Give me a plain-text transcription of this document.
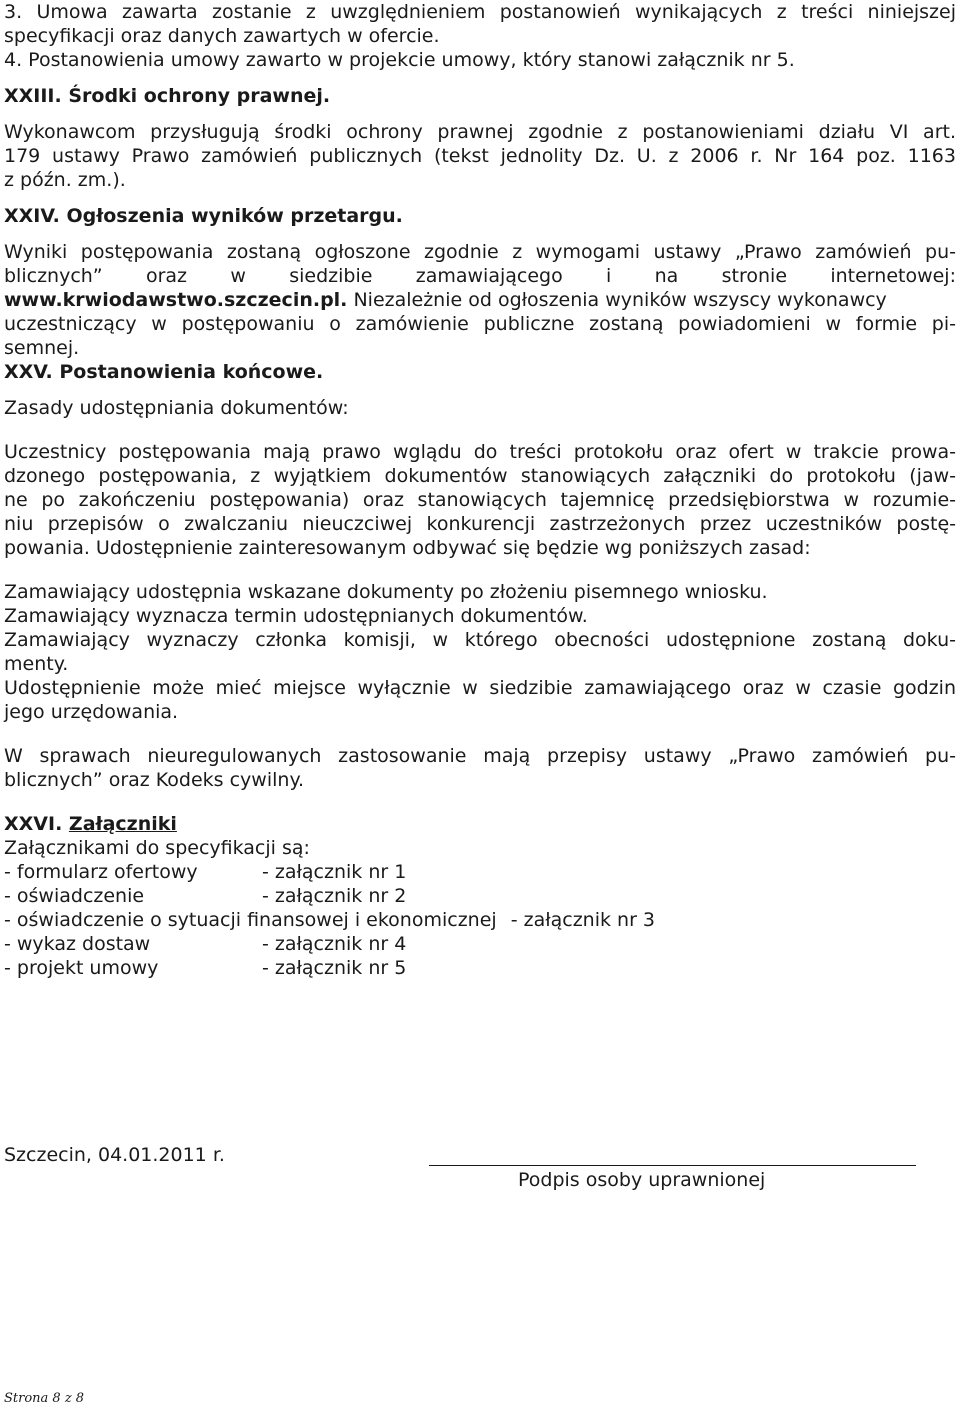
3. Umowa zawarta zostanie z uwzględnieniem postanowień wynikających z treści niniejszej
specyfikacji oraz danych zawartych w ofercie.
4. Postanowienia umowy zawarto w projekcie umowy, który stanowi załącznik nr 5.
XXIII. Środki ochrony prawnej.
Wykonawcom przysługują środki ochrony prawnej zgodnie z postanowieniami działu VI art.
179 ustawy Prawo zamówień publicznych (tekst jednolity Dz. U. z 2006 r. Nr 164 poz. 1163
z późn. zm.).
XXIV. Ogłoszenia wyników przetargu.
Wyniki postępowania zostaną ogłoszone zgodnie z wymogami ustawy „Prawo zamówień pu-
blicznych” oraz w siedzibie zamawiającego i na stronie internetowej:
www.krwiodawstwo.szczecin.pl. Niezależnie od ogłoszenia wyników wszyscy wykonawcy
uczestniczący w postępowaniu o zamówienie publiczne zostaną powiadomieni w formie pi-
semnej.
XXV. Postanowienia końcowe.
Zasady udostępniania dokumentów:
Uczestnicy postępowania mają prawo wglądu do treści protokołu oraz ofert w trakcie prowa-
dzonego postępowania, z wyjątkiem dokumentów stanowiących załączniki do protokołu (jaw-
ne po zakończeniu postępowania) oraz stanowiących tajemnicę przedsiębiorstwa w rozumie-
niu przepisów o zwalczaniu nieuczciwej konkurencji zastrzeżonych przez uczestników postę-
powania. Udostępnienie zainteresowanym odbywać się będzie wg poniższych zasad:
Zamawiający udostępnia wskazane dokumenty po złożeniu pisemnego wniosku.
Zamawiający wyznacza termin udostępnianych dokumentów.
Zamawiający wyznaczy członka komisji, w którego obecności udostępnione zostaną doku-
menty.
Udostępnienie może mieć miejsce wyłącznie w siedzibie zamawiającego oraz w czasie godzin
jego urzędowania.
W sprawach nieuregulowanych zastosowanie mają przepisy ustawy „Prawo zamówień pu-
blicznych” oraz Kodeks cywilny.
XXVI. Załączniki
Załącznikami do specyfikacji są:
- formularz ofertowy	- załącznik nr 1
- oświadczenie	- załącznik nr 2
- oświadczenie o sytuacji finansowej i ekonomicznej - załącznik nr 3
- wykaz dostaw	- załącznik nr 4
- projekt umowy	- załącznik nr 5
Szczecin, 04.01.2011 r.
Podpis osoby uprawnionej
Strona 8 z 8
